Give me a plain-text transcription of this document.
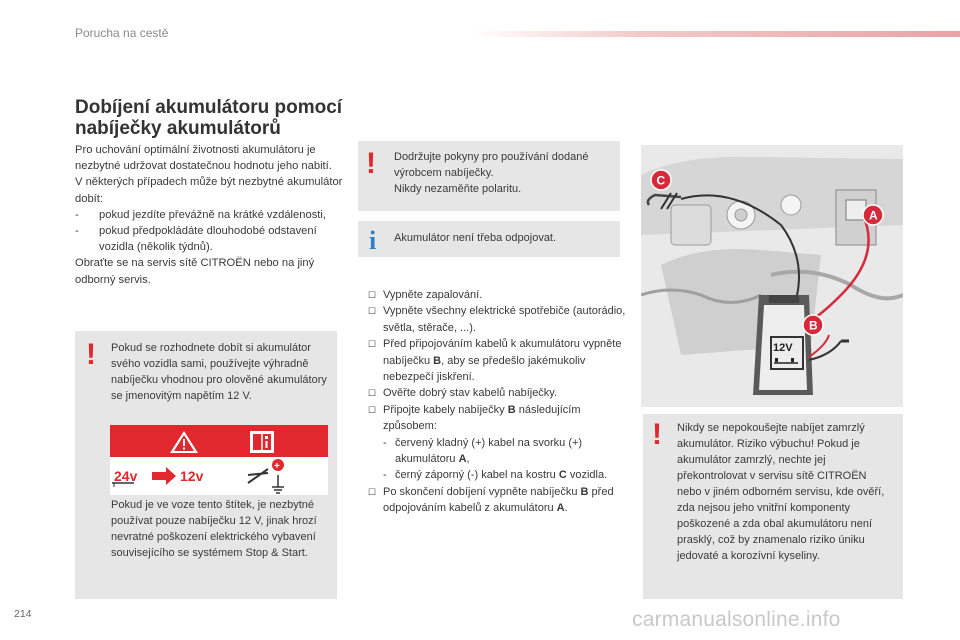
Porucha na cestě
Dobíjení akumulátoru pomocí nabíječky akumulátorů

Pro uchování optimální životnosti akumulátoru je nezbytné udržovat dostatečnou hodnotu jeho nabití.

V některých případech může být nezbytné akumulátor dobít:

-	pokud jezdíte převážně na krátké vzdálenosti,
-	pokud předpokládáte dlouhodobé odstavení vozidla (několik týdnů).

Obraťte se na servis sítě CITROËN nebo na jiný odborný servis.

! Pokud se rozhodnete dobít si akumulátor svého vozidla sami, používejte výhradně nabíječku vhodnou pro olověné akumulátory se jmenovitým napětím 12 V.
Pokud je ve voze tento štítek, je nezbytné používat pouze nabíječku 12 V, jinak hrozí nevratné poškození elektrického vybavení souvisejícího se systémem Stop & Start.
24v	12v
+
! Dodržujte pokyny pro používání dodané výrobcem nabíječky.

Nikdy nezaměňte polaritu.

i Akumulátor není třeba odpojovat.
☐ Vypněte zapalování.
☐ Vypněte všechny elektrické spotřebiče (autorádio, světla, stěrače, ...).
☐ Před připojováním kabelů k akumulátoru vypněte nabíječku B, aby se předešlo jakémukoliv nebezpečí jiskření.
☐ Ověřte dobrý stav kabelů nabíječky.
☐ Připojte kabely nabíječky B následujícím způsobem:
- červený kladný (+) kabel na svorku (+) akumulátoru A,
- černý záporný (-) kabel na kostru C vozidla.
☐ Po skončení dobíjení vypněte nabíječku B před odpojováním kabelů z akumulátoru A.
12V
A
B
C
! Nikdy se nepokoušejte nabíjet zamrzlý akumulátor. Riziko výbuchu! Pokud je akumulátor zamrzlý, nechte jej překontrolovat v servisu sítě CITROËN nebo v jiném odborném servisu, kde ověří, zda nejsou jeho vnitřní komponenty poškozené a zda obal akumulátoru není prasklý, což by znamenalo riziko úniku jedovaté a korozívní kyseliny.
214	carmanualsonline.info
